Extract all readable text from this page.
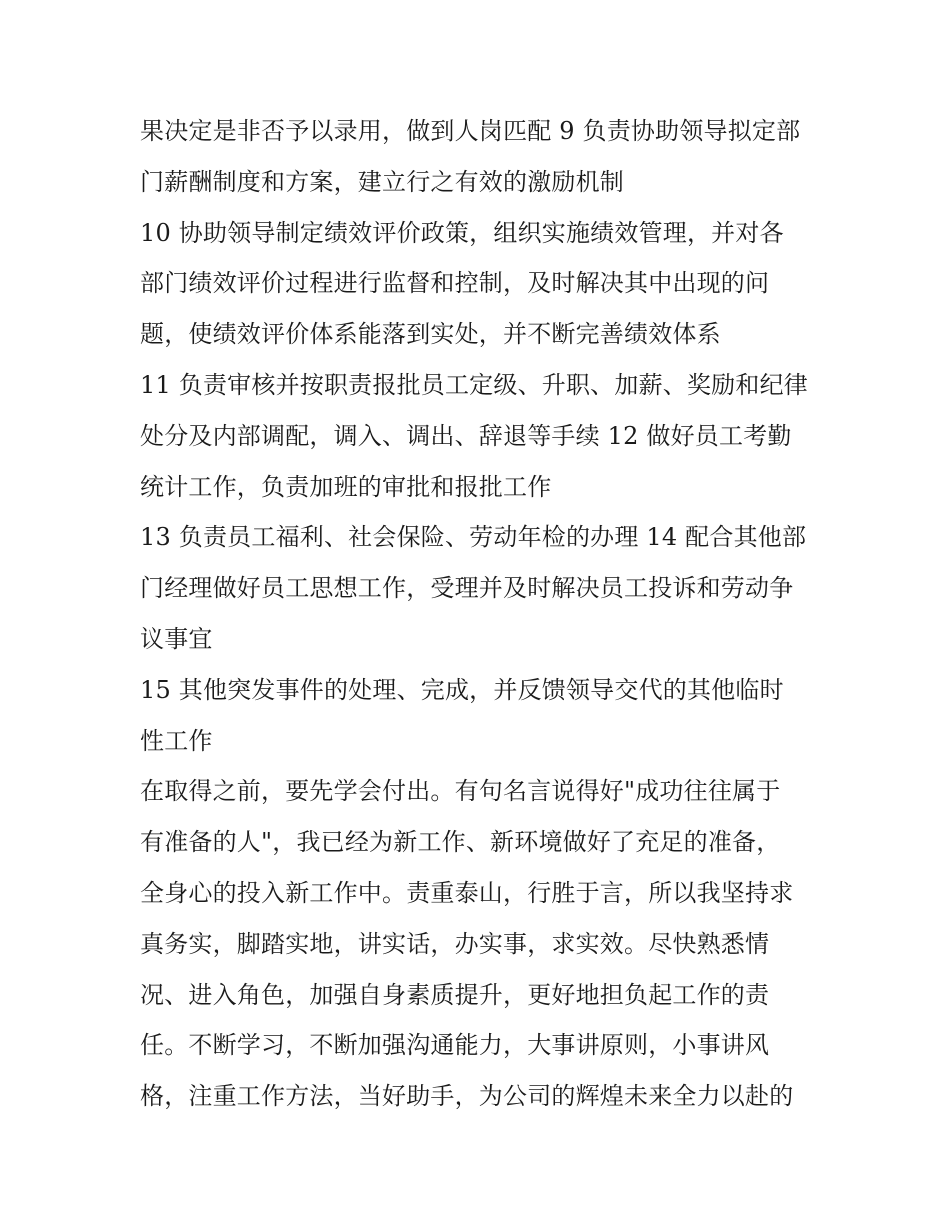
果决定是非否予以录用，做到人岗匹配 9 负责协助领导拟定部
门薪酬制度和方案，建立行之有效的激励机制
10 协助领导制定绩效评价政策，组织实施绩效管理，并对各
部门绩效评价过程进行监督和控制，及时解决其中出现的问
题，使绩效评价体系能落到实处，并不断完善绩效体系
11 负责审核并按职责报批员工定级、升职、加薪、奖励和纪律
处分及内部调配，调入、调出、辞退等手续 12 做好员工考勤
统计工作，负责加班的审批和报批工作
13 负责员工福利、社会保险、劳动年检的办理 14 配合其他部
门经理做好员工思想工作，受理并及时解决员工投诉和劳动争
议事宜
15 其他突发事件的处理、完成，并反馈领导交代的其他临时
性工作
在取得之前，要先学会付出。有句名言说得好"成功往往属于
有准备的人"，我已经为新工作、新环境做好了充足的准备，
全身心的投入新工作中。责重泰山，行胜于言，所以我坚持求
真务实，脚踏实地，讲实话，办实事，求实效。尽快熟悉情
况、进入角色，加强自身素质提升，更好地担负起工作的责
任。不断学习，不断加强沟通能力，大事讲原则，小事讲风
格，注重工作方法，当好助手，为公司的辉煌未来全力以赴的
